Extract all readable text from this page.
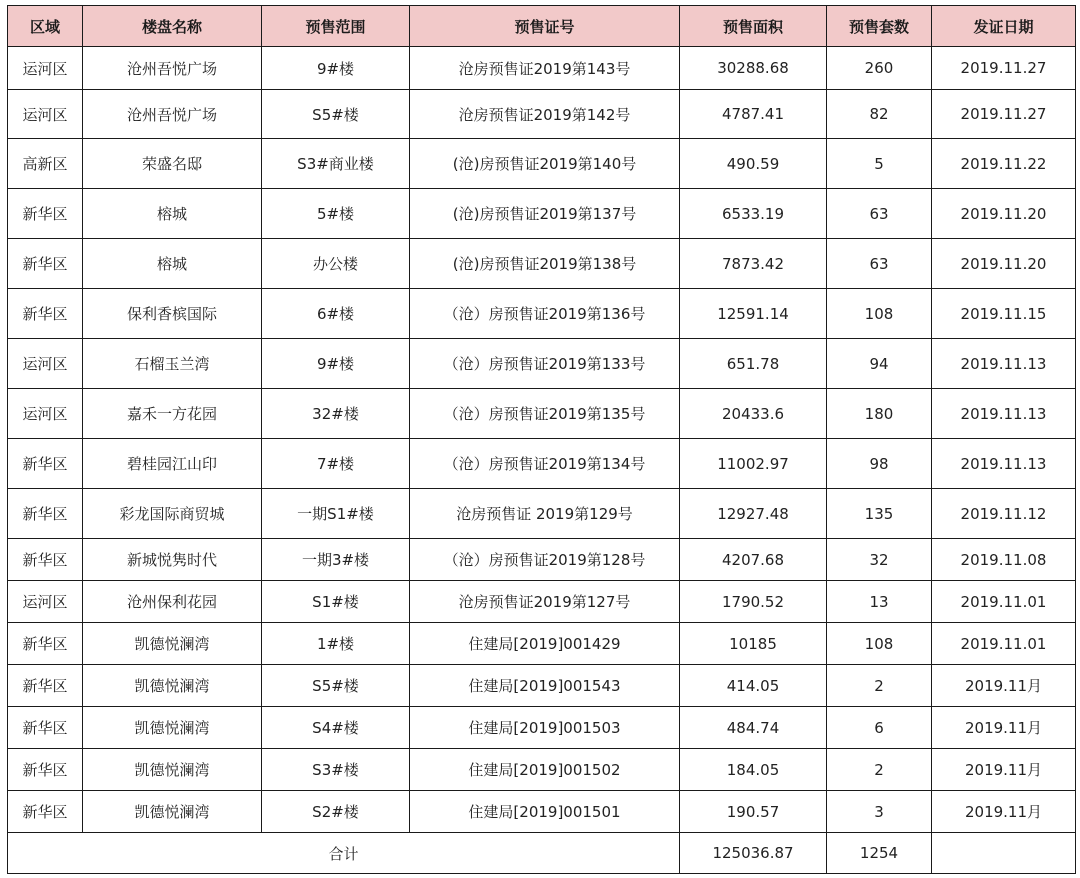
区域	楼盘名称	预售范围	预售证号	预售面积	预售套数	发证日期
运河区	沧州吾悦广场	9#楼	沧房预售证2019第143号	30288.68	260	2019.11.27
运河区	沧州吾悦广场	S5#楼	沧房预售证2019第142号	4787.41	82	2019.11.27
高新区	荣盛名邸	S3#商业楼	(沧)房预售证2019第140号	490.59	5	2019.11.22
新华区	榕城	5#楼	(沧)房预售证2019第137号	6533.19	63	2019.11.20
新华区	榕城	办公楼	(沧)房预售证2019第138号	7873.42	63	2019.11.20
新华区	保利香槟国际	6#楼	（沧）房预售证2019第136号	12591.14	108	2019.11.15
运河区	石榴玉兰湾	9#楼	（沧）房预售证2019第133号	651.78	94	2019.11.13
运河区	嘉禾一方花园	32#楼	（沧）房预售证2019第135号	20433.6	180	2019.11.13
新华区	碧桂园江山印	7#楼	（沧）房预售证2019第134号	11002.97	98	2019.11.13
新华区	彩龙国际商贸城	一期S1#楼	沧房预售证 2019第129号	12927.48	135	2019.11.12
新华区	新城悦隽时代	一期3#楼	（沧）房预售证2019第128号	4207.68	32	2019.11.08
运河区	沧州保利花园	S1#楼	沧房预售证2019第127号	1790.52	13	2019.11.01
新华区	凯德悦澜湾	1#楼	住建局[2019]001429	10185	108	2019.11.01
新华区	凯德悦澜湾	S5#楼	住建局[2019]001543	414.05	2	2019.11月
新华区	凯德悦澜湾	S4#楼	住建局[2019]001503	484.74	6	2019.11月
新华区	凯德悦澜湾	S3#楼	住建局[2019]001502	184.05	2	2019.11月
新华区	凯德悦澜湾	S2#楼	住建局[2019]001501	190.57	3	2019.11月
合计				125036.87	1254	
